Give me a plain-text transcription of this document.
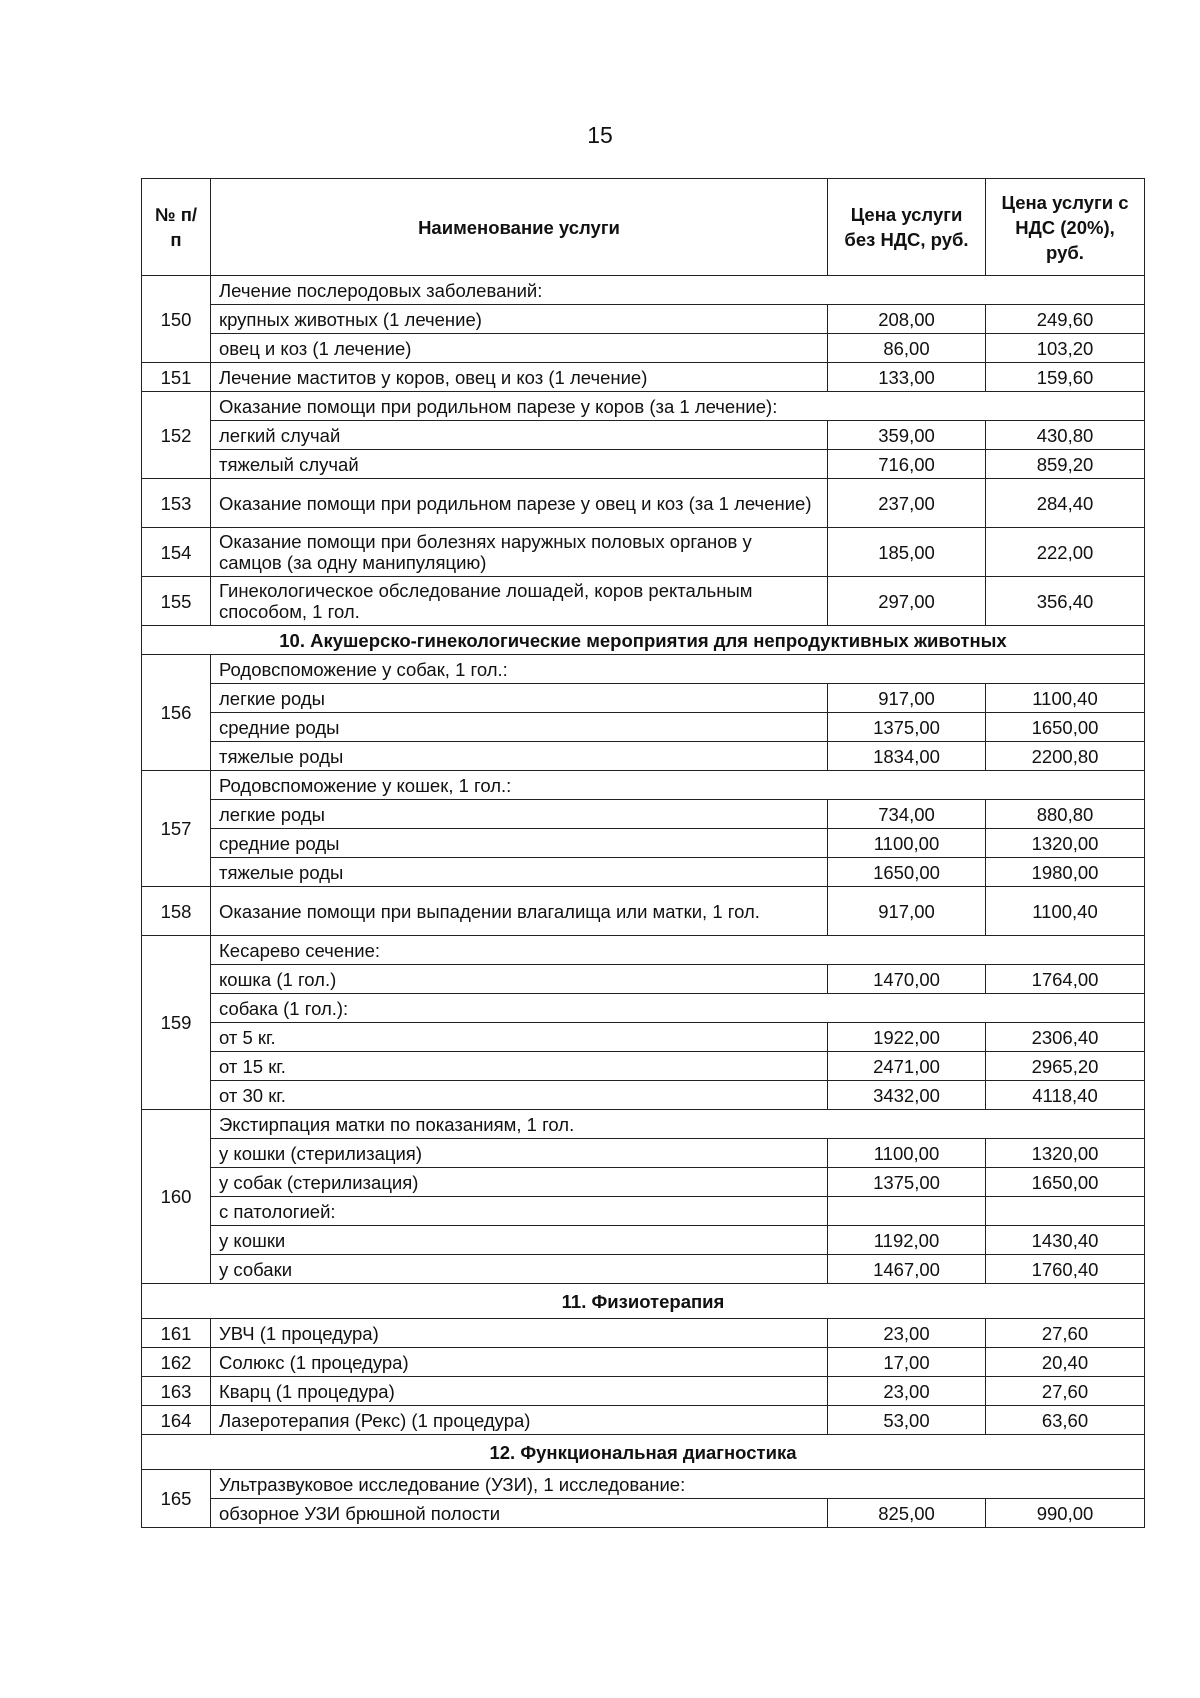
15
№ п/п	Наименование услуги	Цена услуги без НДС, руб.	Цена услуги с НДС (20%), руб.
150	Лечение послеродовых заболеваний:		
	крупных животных (1 лечение)	208,00	249,60
	овец и коз (1 лечение)	86,00	103,20
151	Лечение маститов у коров, овец и коз (1 лечение)	133,00	159,60
152	Оказание помощи при родильном парезе у коров (за 1 лечение):		
	легкий случай	359,00	430,80
	тяжелый случай	716,00	859,20
153	Оказание помощи при родильном парезе у овец и коз (за 1 лечение)	237,00	284,40
154	Оказание помощи при болезнях наружных половых органов у самцов (за одну манипуляцию)	185,00	222,00
155	Гинекологическое обследование лошадей, коров ректальным способом, 1 гол.	297,00	356,40
10. Акушерско-гинекологические мероприятия для непродуктивных животных			
156	Родовспоможение у собак, 1 гол.:		
	легкие роды	917,00	1100,40
	средние роды	1375,00	1650,00
	тяжелые роды	1834,00	2200,80
157	Родовспоможение у кошек, 1 гол.:		
	легкие роды	734,00	880,80
	средние роды	1100,00	1320,00
	тяжелые роды	1650,00	1980,00
158	Оказание помощи при выпадении влагалища или матки, 1 гол.	917,00	1100,40
159	Кесарево сечение:		
	кошка (1 гол.)	1470,00	1764,00
	собака (1 гол.):		
	от 5 кг.	1922,00	2306,40
	от 15 кг.	2471,00	2965,20
	от 30 кг.	3432,00	4118,40
160	Экстирпация матки по показаниям, 1 гол.		
	у кошки (стерилизация)	1100,00	1320,00
	у собак (стерилизация)	1375,00	1650,00
	с патологией:		
	у кошки	1192,00	1430,40
	у собаки	1467,00	1760,40
11. Физиотерапия			
161	УВЧ (1 процедура)	23,00	27,60
162	Солюкс (1 процедура)	17,00	20,40
163	Кварц (1 процедура)	23,00	27,60
164	Лазеротерапия (Рекс) (1 процедура)	53,00	63,60
12. Функциональная диагностика			
165	Ультразвуковое исследование (УЗИ), 1 исследование:		
	обзорное УЗИ брюшной полости	825,00	990,00
